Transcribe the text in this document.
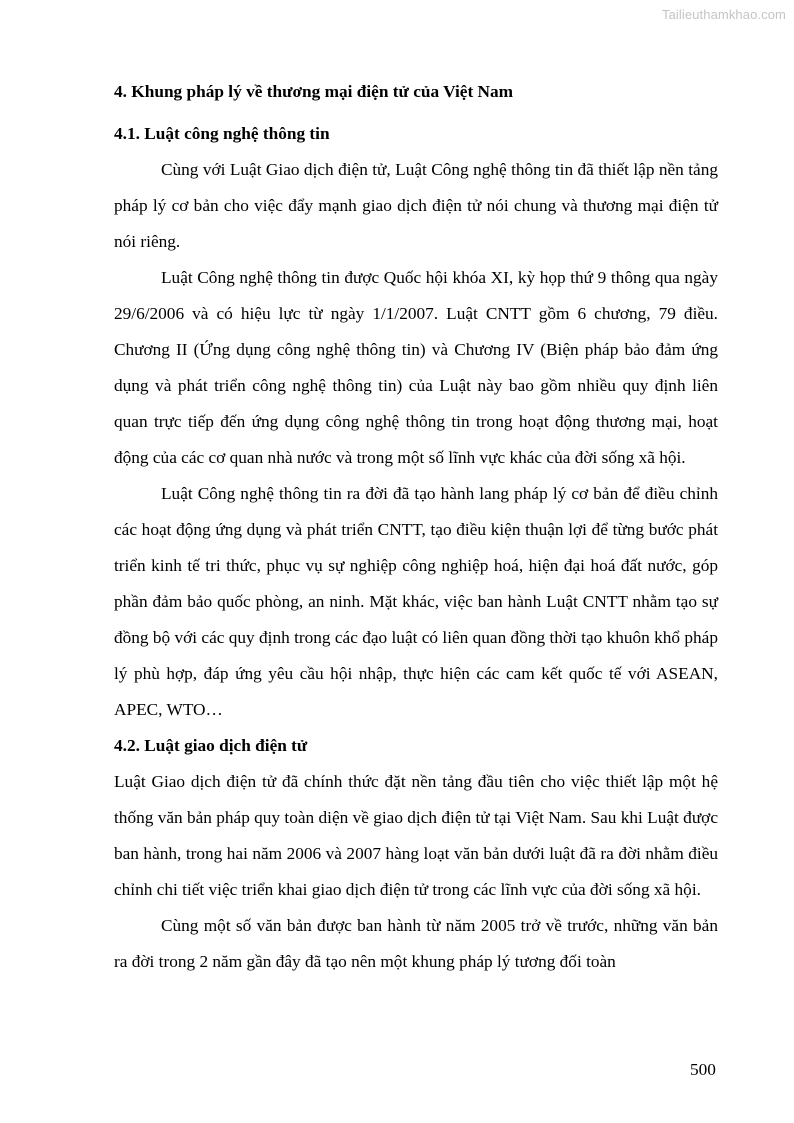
Tailieuthamkhao.com
4. Khung pháp lý về thương mại điện tử của Việt Nam
4.1. Luật công nghệ thông tin

Cùng với Luật Giao dịch điện tử, Luật Công nghệ thông tin đã thiết lập nền tảng pháp lý cơ bản cho việc đẩy mạnh giao dịch điện tử nói chung và thương mại điện tử nói riêng.

Luật Công nghệ thông tin được Quốc hội khóa XI, kỳ họp thứ 9 thông qua ngày 29/6/2006 và có hiệu lực từ ngày 1/1/2007. Luật CNTT gồm 6 chương, 79 điều. Chương II (Ứng dụng công nghệ thông tin) và Chương IV (Biện pháp bảo đảm ứng dụng và phát triển công nghệ thông tin) của Luật này bao gồm nhiều quy định liên quan trực tiếp đến ứng dụng công nghệ thông tin trong hoạt động thương mại, hoạt động của các cơ quan nhà nước và trong một số lĩnh vực khác của đời sống xã hội.

Luật Công nghệ thông tin ra đời đã tạo hành lang pháp lý cơ bản để điều chỉnh các hoạt động ứng dụng và phát triển CNTT, tạo điều kiện thuận lợi để từng bước phát triển kinh tế tri thức, phục vụ sự nghiệp công nghiệp hoá, hiện đại hoá đất nước, góp phần đảm bảo quốc phòng, an ninh. Mặt khác, việc ban hành Luật CNTT nhằm tạo sự đồng bộ với các quy định trong các đạo luật có liên quan đồng thời tạo khuôn khổ pháp lý phù hợp, đáp ứng yêu cầu hội nhập, thực hiện các cam kết quốc tế với ASEAN, APEC, WTO…

4.2. Luật giao dịch điện tử

Luật Giao dịch điện tử đã chính thức đặt nền tảng đầu tiên cho việc thiết lập một hệ thống văn bản pháp quy toàn diện về giao dịch điện tử tại Việt Nam. Sau khi Luật được ban hành, trong hai năm 2006 và 2007 hàng loạt văn bản dưới luật đã ra đời nhằm điều chỉnh chi tiết việc triển khai giao dịch điện tử trong các lĩnh vực của đời sống xã hội.

Cùng một số văn bản được ban hành từ năm 2005 trở về trước, những văn bản ra đời trong 2 năm gần đây đã tạo nên một khung pháp lý tương đối toàn

500
